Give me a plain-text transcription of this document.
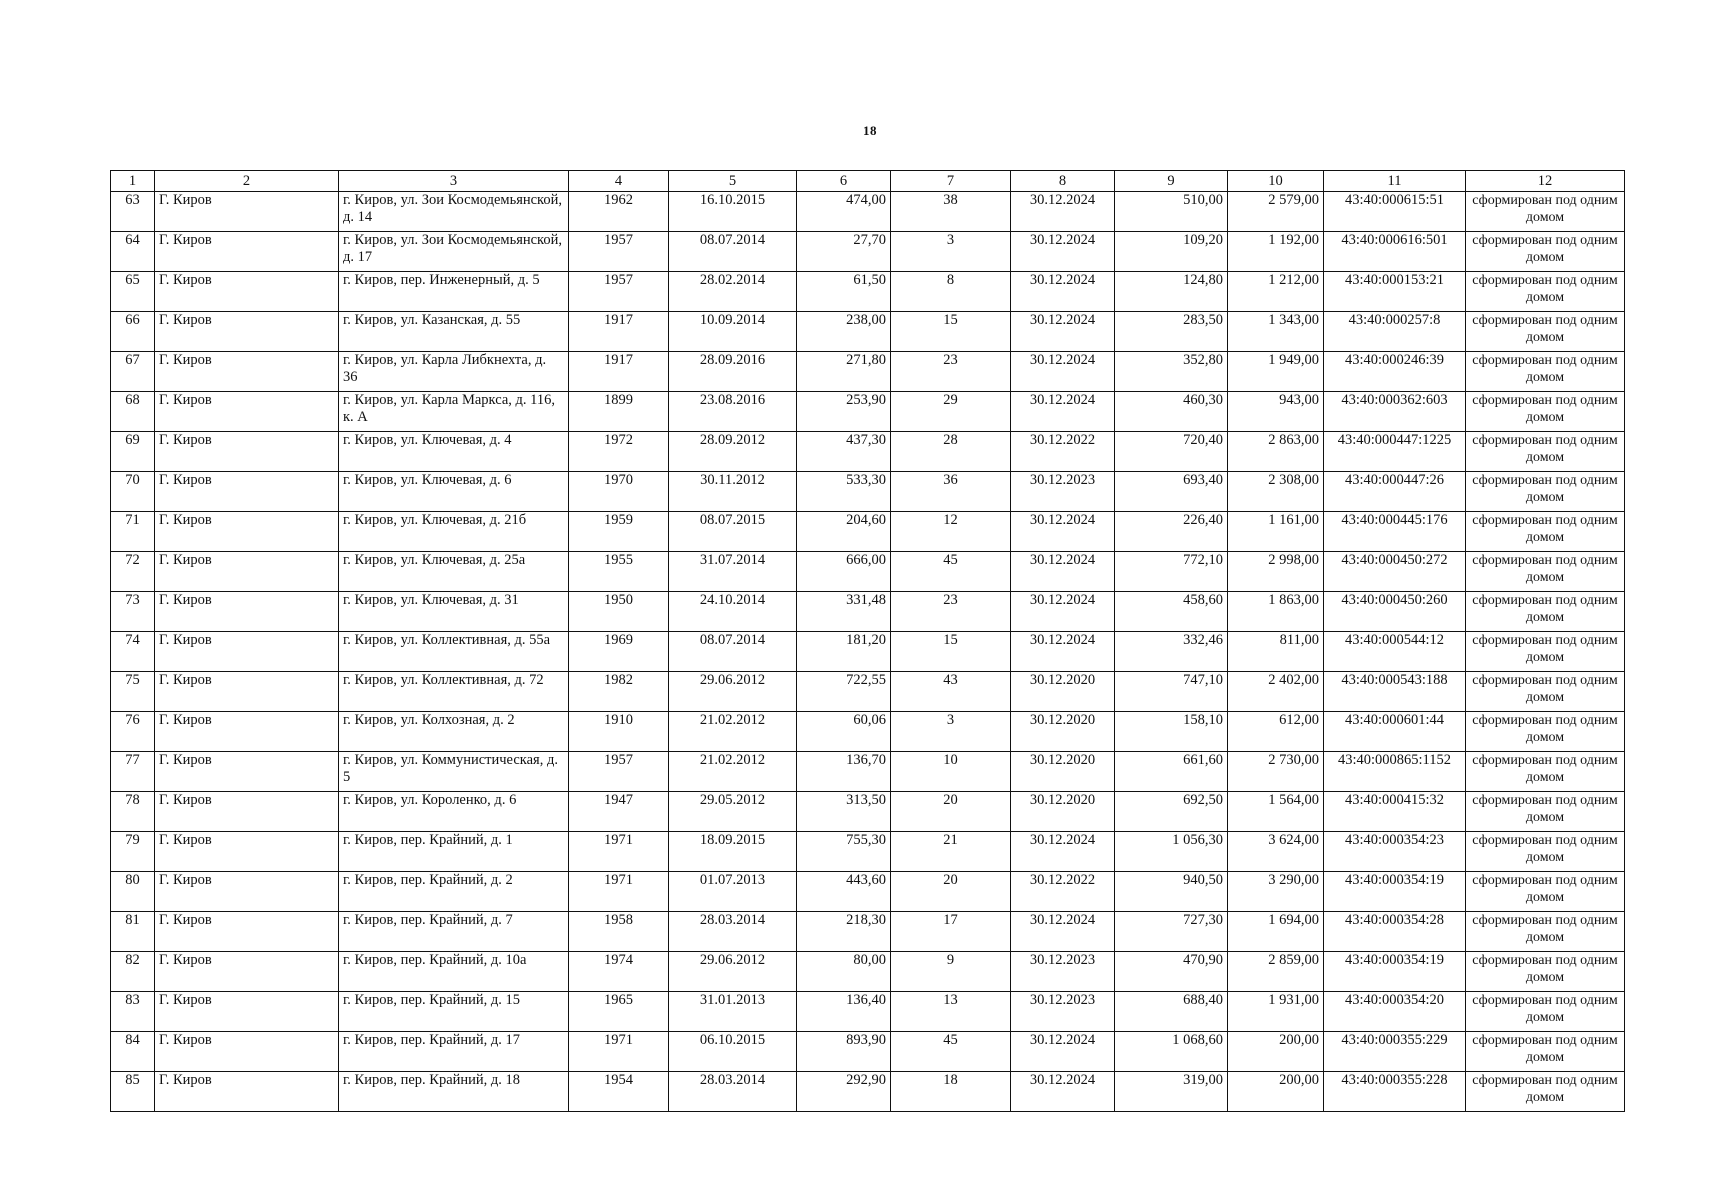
18
1	2	3	4	5	6	7	8	9	10	11	12
63	Г. Киров	г. Киров, ул. Зои Космодемьянской, д. 14	1962	16.10.2015	474,00	38	30.12.2024	510,00	2 579,00	43:40:000615:51	сформирован под одним домом
64	Г. Киров	г. Киров, ул. Зои Космодемьянской, д. 17	1957	08.07.2014	27,70	3	30.12.2024	109,20	1 192,00	43:40:000616:501	сформирован под одним домом
65	Г. Киров	г. Киров, пер. Инженерный, д. 5	1957	28.02.2014	61,50	8	30.12.2024	124,80	1 212,00	43:40:000153:21	сформирован под одним домом
66	Г. Киров	г. Киров, ул. Казанская, д. 55	1917	10.09.2014	238,00	15	30.12.2024	283,50	1 343,00	43:40:000257:8	сформирован под одним домом
67	Г. Киров	г. Киров, ул. Карла Либкнехта, д. 36	1917	28.09.2016	271,80	23	30.12.2024	352,80	1 949,00	43:40:000246:39	сформирован под одним домом
68	Г. Киров	г. Киров, ул. Карла Маркса, д. 116, к. А	1899	23.08.2016	253,90	29	30.12.2024	460,30	943,00	43:40:000362:603	сформирован под одним домом
69	Г. Киров	г. Киров, ул. Ключевая, д. 4	1972	28.09.2012	437,30	28	30.12.2022	720,40	2 863,00	43:40:000447:1225	сформирован под одним домом
70	Г. Киров	г. Киров, ул. Ключевая, д. 6	1970	30.11.2012	533,30	36	30.12.2023	693,40	2 308,00	43:40:000447:26	сформирован под одним домом
71	Г. Киров	г. Киров, ул. Ключевая, д. 21б	1959	08.07.2015	204,60	12	30.12.2024	226,40	1 161,00	43:40:000445:176	сформирован под одним домом
72	Г. Киров	г. Киров, ул. Ключевая, д. 25а	1955	31.07.2014	666,00	45	30.12.2024	772,10	2 998,00	43:40:000450:272	сформирован под одним домом
73	Г. Киров	г. Киров, ул. Ключевая, д. 31	1950	24.10.2014	331,48	23	30.12.2024	458,60	1 863,00	43:40:000450:260	сформирован под одним домом
74	Г. Киров	г. Киров, ул. Коллективная, д. 55а	1969	08.07.2014	181,20	15	30.12.2024	332,46	811,00	43:40:000544:12	сформирован под одним домом
75	Г. Киров	г. Киров, ул. Коллективная, д. 72	1982	29.06.2012	722,55	43	30.12.2020	747,10	2 402,00	43:40:000543:188	сформирован под одним домом
76	Г. Киров	г. Киров, ул. Колхозная, д. 2	1910	21.02.2012	60,06	3	30.12.2020	158,10	612,00	43:40:000601:44	сформирован под одним домом
77	Г. Киров	г. Киров, ул. Коммунистическая, д. 5	1957	21.02.2012	136,70	10	30.12.2020	661,60	2 730,00	43:40:000865:1152	сформирован под одним домом
78	Г. Киров	г. Киров, ул. Короленко, д. 6	1947	29.05.2012	313,50	20	30.12.2020	692,50	1 564,00	43:40:000415:32	сформирован под одним домом
79	Г. Киров	г. Киров, пер. Крайний, д. 1	1971	18.09.2015	755,30	21	30.12.2024	1 056,30	3 624,00	43:40:000354:23	сформирован под одним домом
80	Г. Киров	г. Киров, пер. Крайний, д. 2	1971	01.07.2013	443,60	20	30.12.2022	940,50	3 290,00	43:40:000354:19	сформирован под одним домом
81	Г. Киров	г. Киров, пер. Крайний, д. 7	1958	28.03.2014	218,30	17	30.12.2024	727,30	1 694,00	43:40:000354:28	сформирован под одним домом
82	Г. Киров	г. Киров, пер. Крайний, д. 10а	1974	29.06.2012	80,00	9	30.12.2023	470,90	2 859,00	43:40:000354:19	сформирован под одним домом
83	Г. Киров	г. Киров, пер. Крайний, д. 15	1965	31.01.2013	136,40	13	30.12.2023	688,40	1 931,00	43:40:000354:20	сформирован под одним домом
84	Г. Киров	г. Киров, пер. Крайний, д. 17	1971	06.10.2015	893,90	45	30.12.2024	1 068,60	200,00	43:40:000355:229	сформирован под одним домом
85	Г. Киров	г. Киров, пер. Крайний, д. 18	1954	28.03.2014	292,90	18	30.12.2024	319,00	200,00	43:40:000355:228	сформирован под одним домом
